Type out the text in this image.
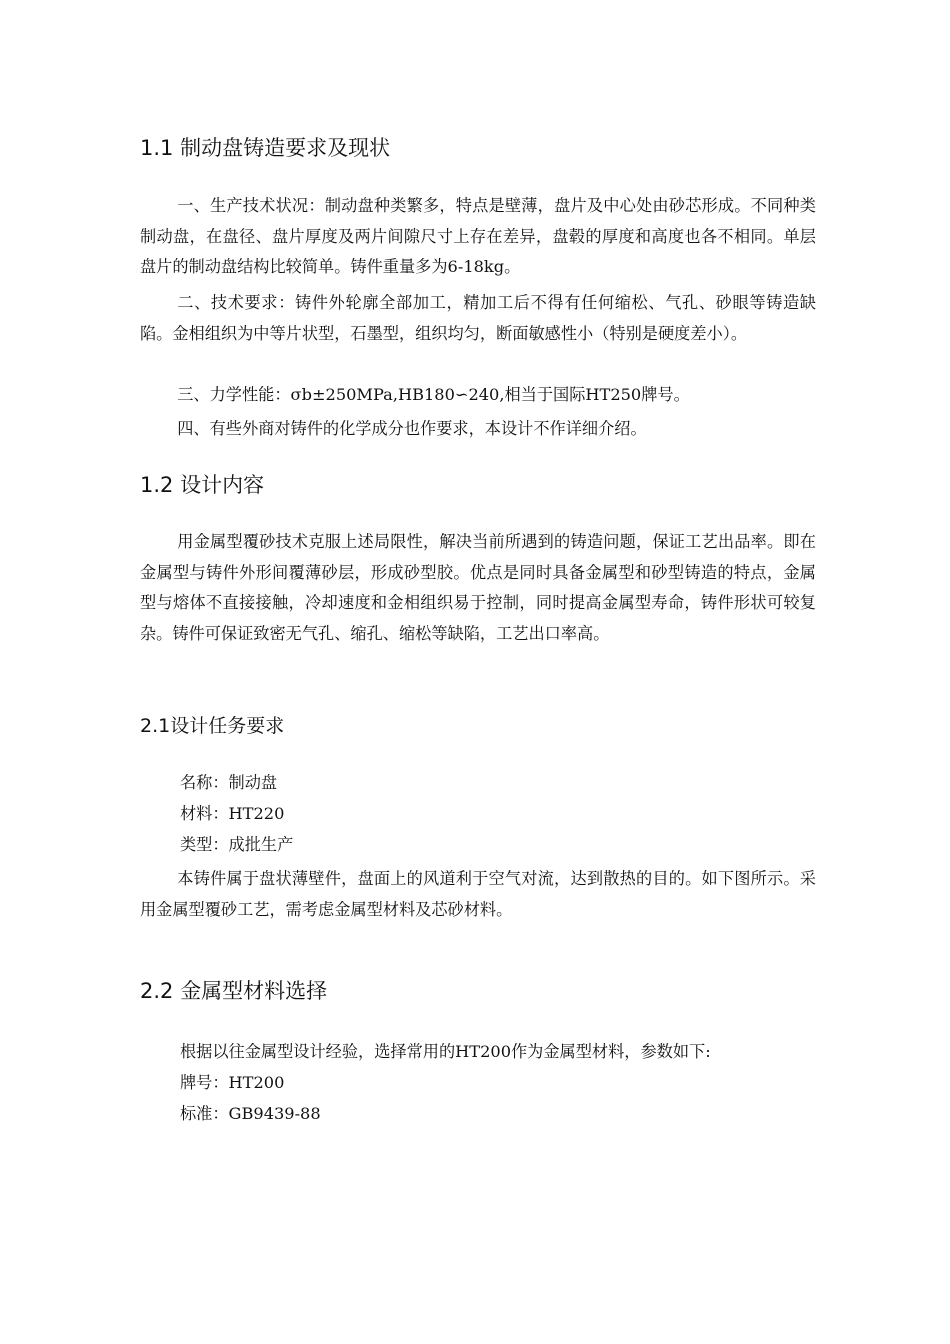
1.1 制动盘铸造要求及现状

一、生产技术状况：制动盘种类繁多，特点是壁薄，盘片及中心处由砂芯形成。不同种类制动盘，在盘径、盘片厚度及两片间隙尺寸上存在差异，盘毂的厚度和高度也各不相同。单层盘片的制动盘结构比较简单。铸件重量多为6-18kg。

二、技术要求：铸件外轮廓全部加工，精加工后不得有任何缩松、气孔、砂眼等铸造缺陷。金相组织为中等片状型，石墨型，组织均匀，断面敏感性小（特别是硬度差小）。

三、力学性能：σb±250MPa,HB180∽240,相当于国际HT250牌号。

四、有些外商对铸件的化学成分也作要求，本设计不作详细介绍。

1.2 设计内容

用金属型覆砂技术克服上述局限性，解决当前所遇到的铸造问题，保证工艺出品率。即在金属型与铸件外形间覆薄砂层，形成砂型胶。优点是同时具备金属型和砂型铸造的特点，金属型与熔体不直接接触，冷却速度和金相组织易于控制，同时提高金属型寿命，铸件形状可较复杂。铸件可保证致密无气孔、缩孔、缩松等缺陷，工艺出口率高。

2.1设计任务要求

名称：制动盘

材料：HT220

类型：成批生产

本铸件属于盘状薄壁件，盘面上的风道利于空气对流，达到散热的目的。如下图所示。采用金属型覆砂工艺，需考虑金属型材料及芯砂材料。

2.2 金属型材料选择

根据以往金属型设计经验，选择常用的HT200作为金属型材料，参数如下:

牌号：HT200

标准：GB9439-88
